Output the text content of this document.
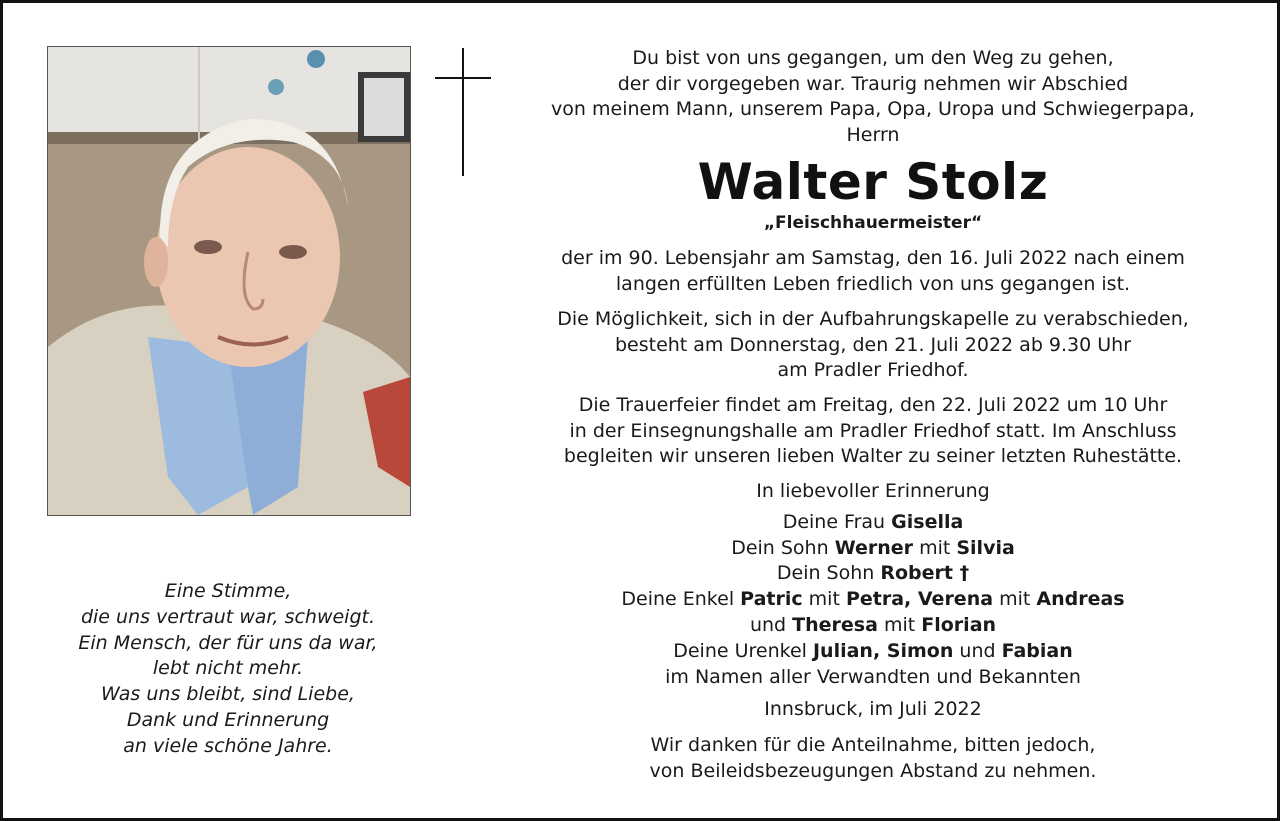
Eine Stimme,
die uns vertraut war, schweigt.
Ein Mensch, der für uns da war,
lebt nicht mehr.
Was uns bleibt, sind Liebe,
Dank und Erinnerung
an viele schöne Jahre.
Du bist von uns gegangen, um den Weg zu gehen,
der dir vorgegeben war. Traurig nehmen wir Abschied
von meinem Mann, unserem Papa, Opa, Uropa und Schwiegerpapa,
Herrn
Walter Stolz
„Fleischhauermeister“
der im 90. Lebensjahr am Samstag, den 16. Juli 2022 nach einem
langen erfüllten Leben friedlich von uns gegangen ist.
Die Möglichkeit, sich in der Aufbahrungskapelle zu verabschieden,
besteht am Donnerstag, den 21. Juli 2022 ab 9.30 Uhr
am Pradler Friedhof.
Die Trauerfeier findet am Freitag, den 22. Juli 2022 um 10 Uhr
in der Einsegnungshalle am Pradler Friedhof statt. Im Anschluss
begleiten wir unseren lieben Walter zu seiner letzten Ruhestätte.
In liebevoller Erinnerung
Deine Frau Gisella
Dein Sohn Werner mit Silvia
Dein Sohn Robert †
Deine Enkel Patric mit Petra, Verena mit Andreas
und Theresa mit Florian
Deine Urenkel Julian, Simon und Fabian
im Namen aller Verwandten und Bekannten
Innsbruck, im Juli 2022
Wir danken für die Anteilnahme, bitten jedoch,
von Beileidsbezeugungen Abstand zu nehmen.
